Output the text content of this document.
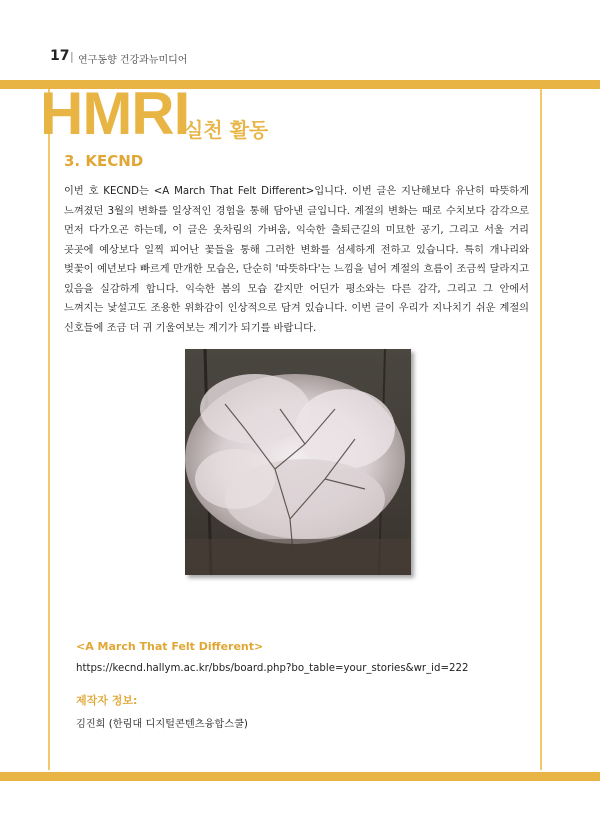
17 | 연구동향 건강과뉴미디어
HMRI
실천 활동
3. KECND
이번 호 KECND는 <A March That Felt Different>입니다. 이번 글은 지난해보다 유난히 따뜻하게 느껴졌던 3월의 변화를 일상적인 경험을 통해 담아낸 글입니다. 계절의 변화는 때로 수치보다 감각으로 먼저 다가오곤 하는데, 이 글은 옷차림의 가벼움, 익숙한 출퇴근길의 미묘한 공기, 그리고 서울 거리 곳곳에 예상보다 일찍 피어난 꽃들을 통해 그러한 변화를 섬세하게 전하고 있습니다. 특히 개나리와 벚꽃이 예년보다 빠르게 만개한 모습은, 단순히 '따뜻하다'는 느낌을 넘어 계절의 흐름이 조금씩 달라지고 있음을 실감하게 합니다. 익숙한 봄의 모습 같지만 어딘가 평소와는 다른 감각, 그리고 그 안에서 느껴지는 낯설고도 조용한 위화감이 인상적으로 담겨 있습니다. 이번 글이 우리가 지나치기 쉬운 계절의 신호들에 조금 더 귀 기울여보는 계기가 되기를 바랍니다.
<A March That Felt Different>
https://kecnd.hallym.ac.kr/bbs/board.php?bo_table=your_stories&wr_id=222
제작자 정보:
김진희 (한림대 디지털콘텐츠융합스쿨)
